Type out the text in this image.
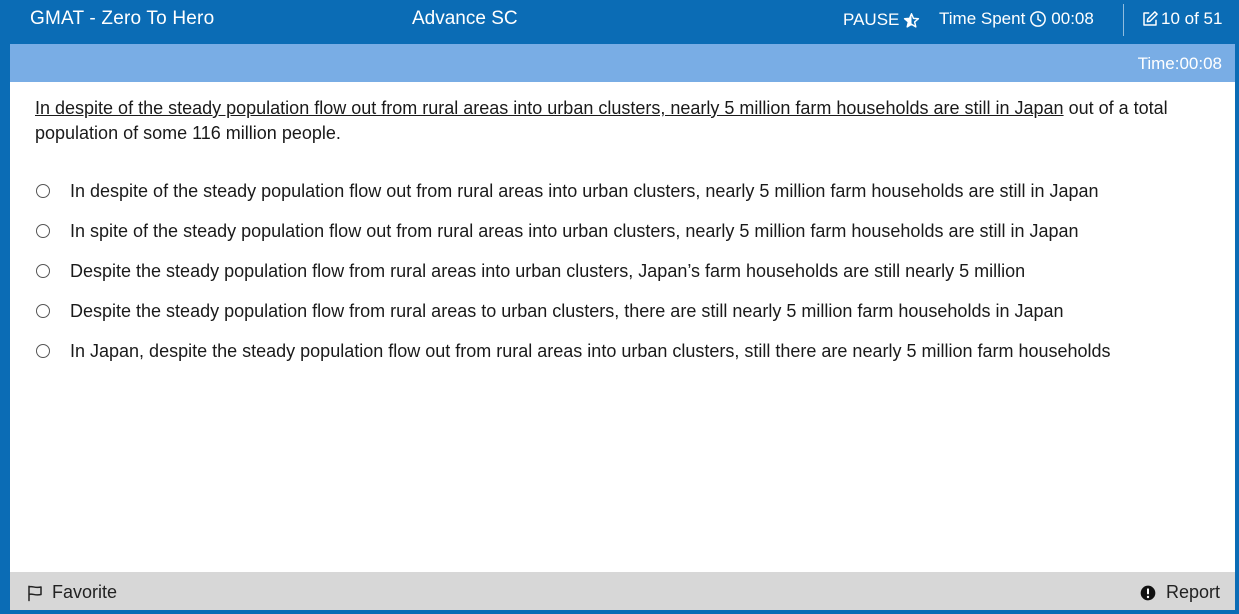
GMAT - Zero To Hero	Advance SC	PAUSE Time Spent 00:08	10 of 51
Time:00:08
In despite of the steady population flow out from rural areas into urban clusters, nearly 5 million farm households are still in Japan out of a total population of some 116 million people.
In despite of the steady population flow out from rural areas into urban clusters, nearly 5 million farm households are still in Japan
In spite of the steady population flow out from rural areas into urban clusters, nearly 5 million farm households are still in Japan
Despite the steady population flow from rural areas into urban clusters, Japan’s farm households are still nearly 5 million
Despite the steady population flow from rural areas to urban clusters, there are still nearly 5 million farm households in Japan
In Japan, despite the steady population flow out from rural areas into urban clusters, still there are nearly 5 million farm households
Favorite	Report
